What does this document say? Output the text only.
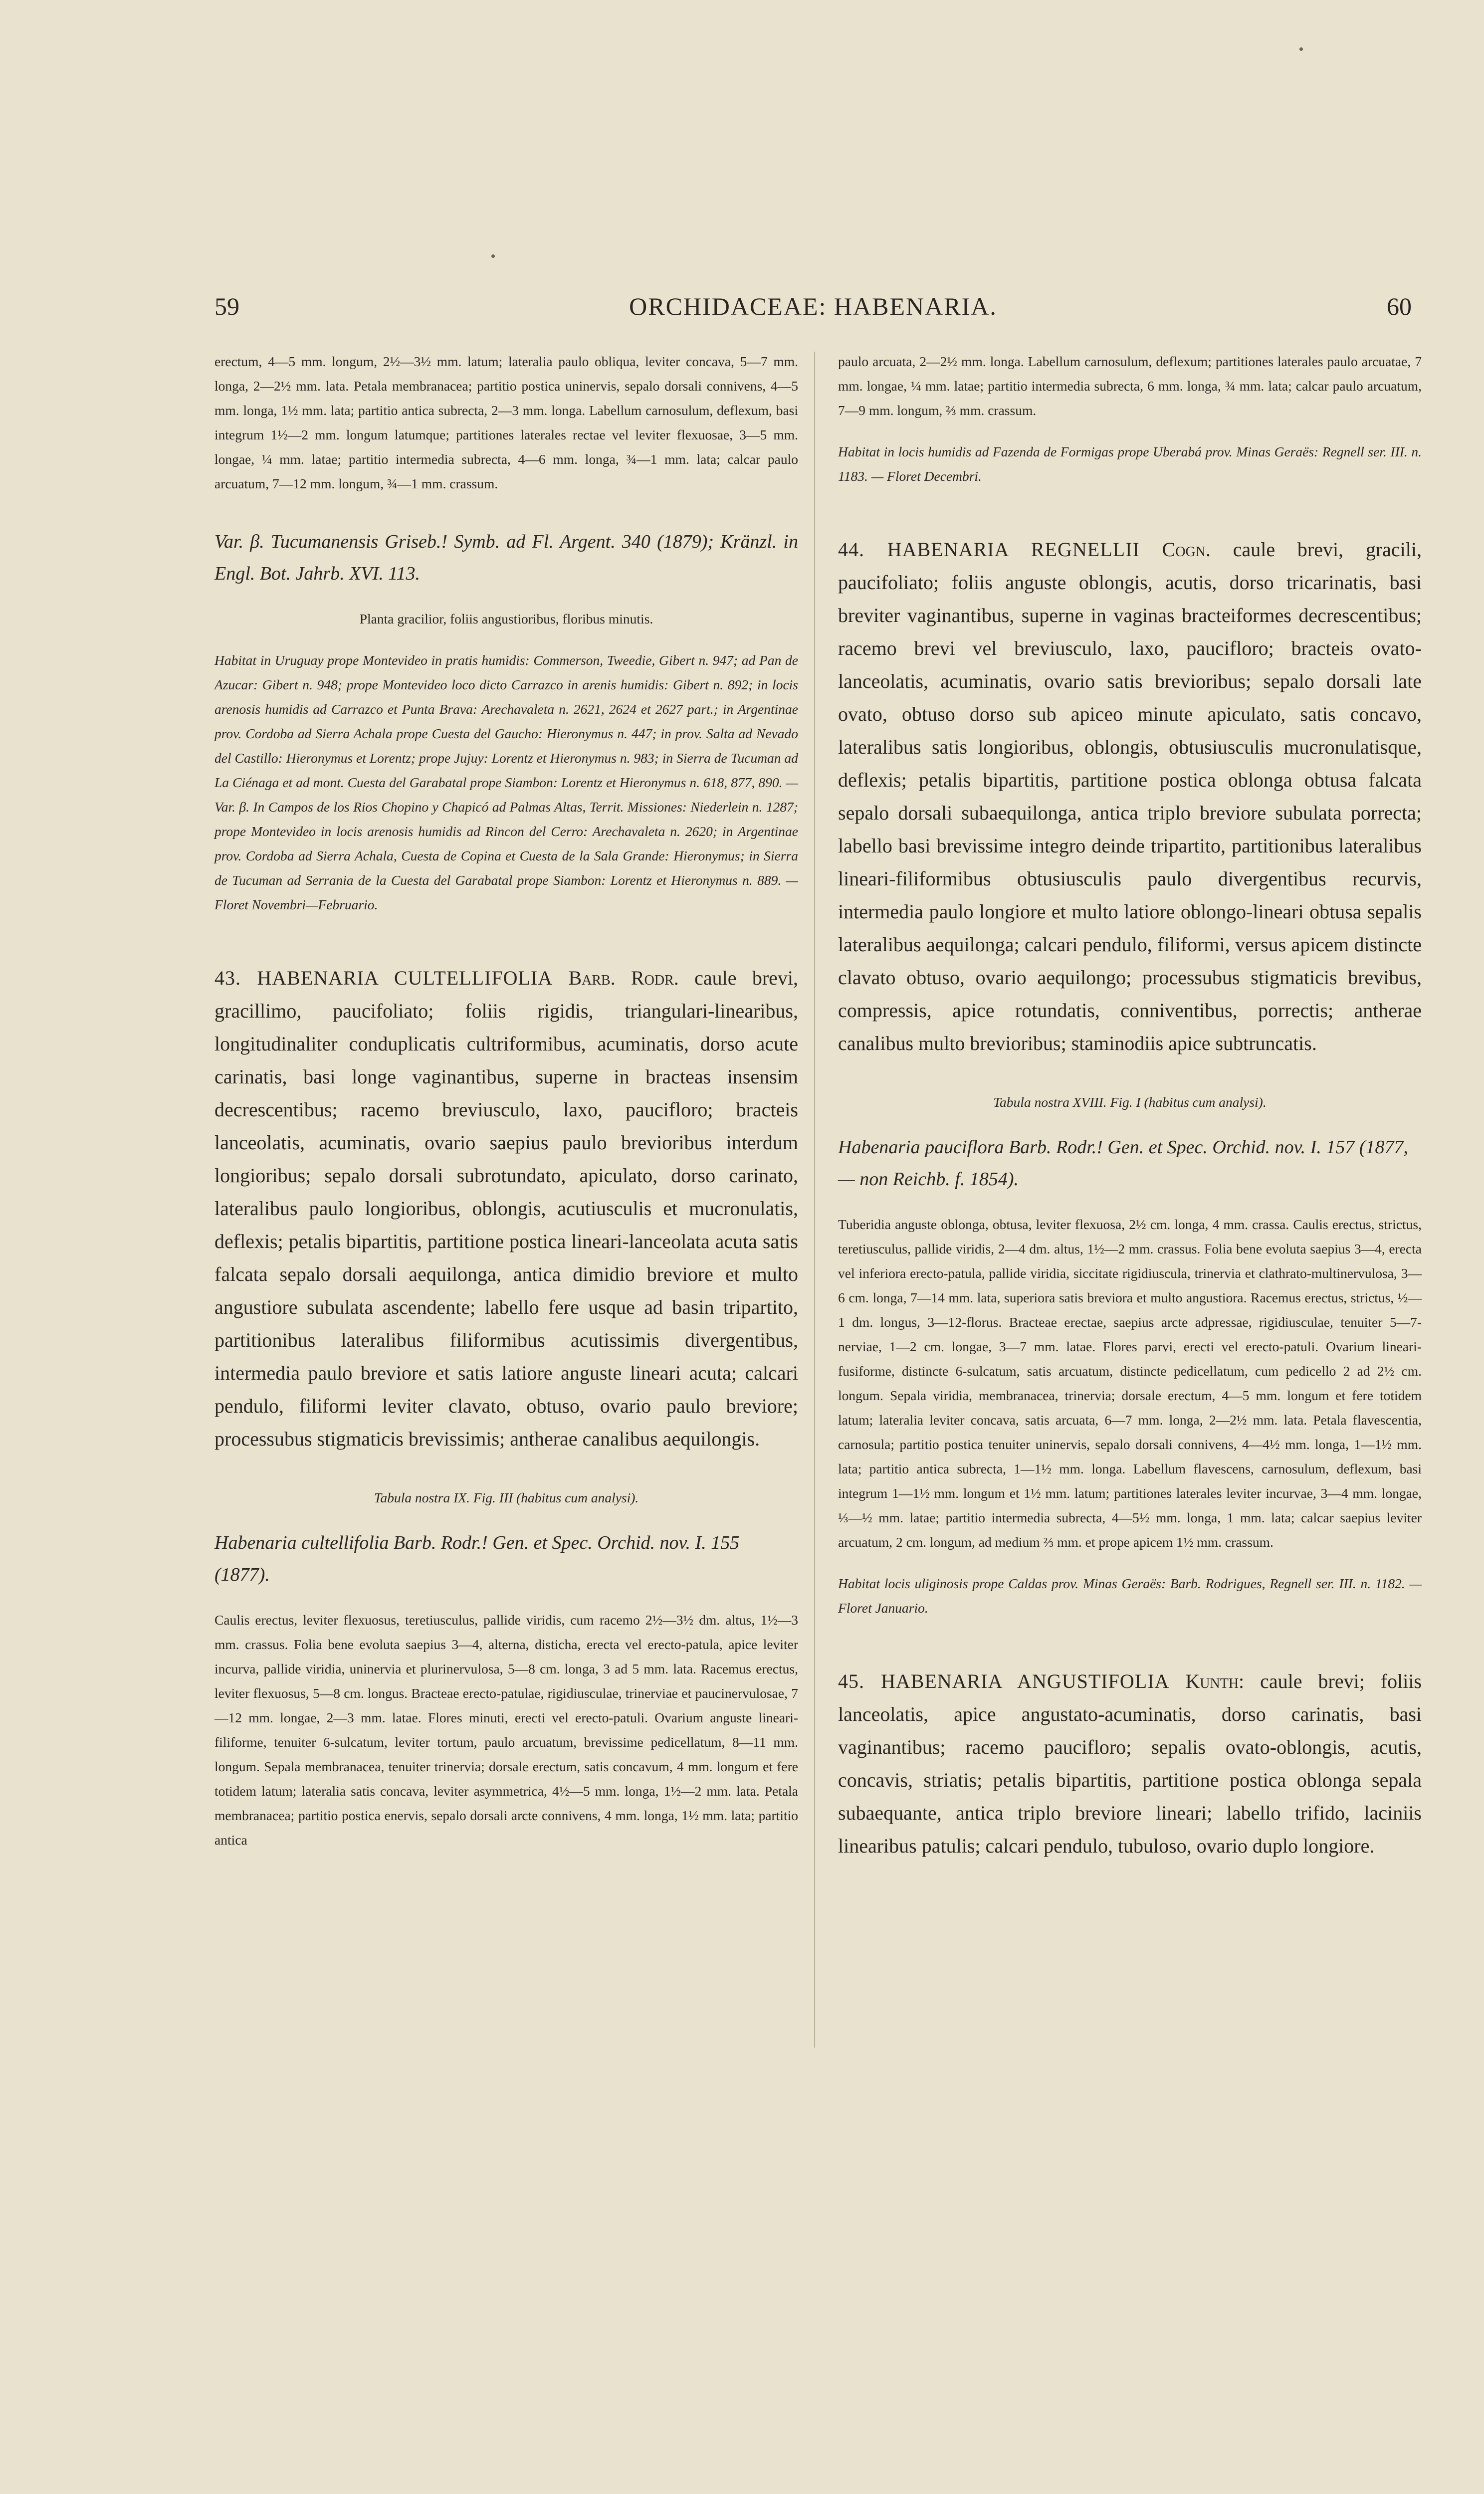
59	ORCHIDACEAE: HABENARIA.	60

erectum, 4—5 mm. longum, 2½—3½ mm. latum; lateralia paulo obliqua, leviter concava, 5—7 mm. longa, 2—2½ mm. lata. Petala membranacea; partitio postica uninervis, sepalo dorsali connivens, 4—5 mm. longa, 1½ mm. lata; partitio antica subrecta, 2—3 mm. longa. Labellum carnosulum, deflexum, basi integrum 1½—2 mm. longum latumque; partitiones laterales rectae vel leviter flexuosae, 3—5 mm. longae, ¼ mm. latae; partitio intermedia subrecta, 4—6 mm. longa, ¾—1 mm. lata; calcar paulo arcuatum, 7—12 mm. longum, ¾—1 mm. crassum.

Var. β. Tucumanensis Griseb.! Symb. ad Fl. Argent. 340 (1879); Kränzl. in Engl. Bot. Jahrb. XVI. 113.

Planta gracilior, foliis angustioribus, floribus minutis.

Habitat in Uruguay prope Montevideo in pratis humidis: Commerson, Tweedie, Gibert n. 947; ad Pan de Azucar: Gibert n. 948; prope Montevideo loco dicto Carrazco in arenis humidis: Gibert n. 892; in locis arenosis humidis ad Carrazco et Punta Brava: Arechavaleta n. 2621, 2624 et 2627 part.; in Argentinae prov. Cordoba ad Sierra Achala prope Cuesta del Gaucho: Hieronymus n. 447; in prov. Salta ad Nevado del Castillo: Hieronymus et Lorentz; prope Jujuy: Lorentz et Hieronymus n. 983; in Sierra de Tucuman ad La Ciénaga et ad mont. Cuesta del Garabatal prope Siambon: Lorentz et Hieronymus n. 618, 877, 890. — Var. β. In Campos de los Rios Chopino y Chapicó ad Palmas Altas, Territ. Missiones: Niederlein n. 1287; prope Montevideo in locis arenosis humidis ad Rincon del Cerro: Arechavaleta n. 2620; in Argentinae prov. Cordoba ad Sierra Achala, Cuesta de Copina et Cuesta de la Sala Grande: Hieronymus; in Sierra de Tucuman ad Serrania de la Cuesta del Garabatal prope Siambon: Lorentz et Hieronymus n. 889. — Floret Novembri—Februario.

43. HABENARIA CULTELLIFOLIA Barb. Rodr. caule brevi, gracillimo, paucifoliato; foliis rigidis, triangulari-linearibus, longitudinaliter conduplicatis cultriformibus, acuminatis, dorso acute carinatis, basi longe vaginantibus, superne in bracteas insensim decrescentibus; racemo breviusculo, laxo, paucifloro; bracteis lanceolatis, acuminatis, ovario saepius paulo brevioribus interdum longioribus; sepalo dorsali subrotundato, apiculato, dorso carinato, lateralibus paulo longioribus, oblongis, acutiusculis et mucronulatis, deflexis; petalis bipartitis, partitione postica lineari-lanceolata acuta satis falcata sepalo dorsali aequilonga, antica dimidio breviore et multo angustiore subulata ascendente; labello fere usque ad basin tripartito, partitionibus lateralibus filiformibus acutissimis divergentibus, intermedia paulo breviore et satis latiore anguste lineari acuta; calcari pendulo, filiformi leviter clavato, obtuso, ovario paulo breviore; processubus stigmaticis brevissimis; antherae canalibus aequilongis.

Tabula nostra IX. Fig. III (habitus cum analysi).

Habenaria cultellifolia Barb. Rodr.! Gen. et Spec. Orchid. nov. I. 155 (1877).

Caulis erectus, leviter flexuosus, teretiusculus, pallide viridis, cum racemo 2½—3½ dm. altus, 1½—3 mm. crassus. Folia bene evoluta saepius 3—4, alterna, disticha, erecta vel erecto-patula, apice leviter incurva, pallide viridia, uninervia et plurinervulosa, 5—8 cm. longa, 3 ad 5 mm. lata. Racemus erectus, leviter flexuosus, 5—8 cm. longus. Bracteae erecto-patulae, rigidiusculae, trinerviae et paucinervulosae, 7—12 mm. longae, 2—3 mm. latae. Flores minuti, erecti vel erecto-patuli. Ovarium anguste lineari-filiforme, tenuiter 6-sulcatum, leviter tortum, paulo arcuatum, brevissime pedicellatum, 8—11 mm. longum. Sepala membranacea, tenuiter trinervia; dorsale erectum, satis concavum, 4 mm. longum et fere totidem latum; lateralia satis concava, leviter asymmetrica, 4½—5 mm. longa, 1½—2 mm. lata. Petala membranacea; partitio postica enervis, sepalo dorsali arcte connivens, 4 mm. longa, 1½ mm. lata; partitio antica

paulo arcuata, 2—2½ mm. longa. Labellum carnosulum, deflexum; partitiones laterales paulo arcuatae, 7 mm. longae, ¼ mm. latae; partitio intermedia subrecta, 6 mm. longa, ¾ mm. lata; calcar paulo arcuatum, 7—9 mm. longum, ⅔ mm. crassum.

Habitat in locis humidis ad Fazenda de Formigas prope Uberabá prov. Minas Geraës: Regnell ser. III. n. 1183. — Floret Decembri.

44. HABENARIA REGNELLII Cogn. caule brevi, gracili, paucifoliato; foliis anguste oblongis, acutis, dorso tricarinatis, basi breviter vaginantibus, superne in vaginas bracteiformes decrescentibus; racemo brevi vel breviusculo, laxo, paucifloro; bracteis ovato-lanceolatis, acuminatis, ovario satis brevioribus; sepalo dorsali late ovato, obtuso dorso sub apiceo minute apiculato, satis concavo, lateralibus satis longioribus, oblongis, obtusiusculis mucronulatisque, deflexis; petalis bipartitis, partitione postica oblonga obtusa falcata sepalo dorsali subaequilonga, antica triplo breviore subulata porrecta; labello basi brevissime integro deinde tripartito, partitionibus lateralibus lineari-filiformibus obtusiusculis paulo divergentibus recurvis, intermedia paulo longiore et multo latiore oblongo-lineari obtusa sepalis lateralibus aequilonga; calcari pendulo, filiformi, versus apicem distincte clavato obtuso, ovario aequilongo; processubus stigmaticis brevibus, compressis, apice rotundatis, conniventibus, porrectis; antherae canalibus multo brevioribus; staminodiis apice subtruncatis.

Tabula nostra XVIII. Fig. I (habitus cum analysi).

Habenaria pauciflora Barb. Rodr.! Gen. et Spec. Orchid. nov. I. 157 (1877, — non Reichb. f. 1854).

Tuberidia anguste oblonga, obtusa, leviter flexuosa, 2½ cm. longa, 4 mm. crassa. Caulis erectus, strictus, teretiusculus, pallide viridis, 2—4 dm. altus, 1½—2 mm. crassus. Folia bene evoluta saepius 3—4, erecta vel inferiora erecto-patula, pallide viridia, siccitate rigidiuscula, trinervia et clathrato-multinervulosa, 3—6 cm. longa, 7—14 mm. lata, superiora satis breviora et multo angustiora. Racemus erectus, strictus, ½—1 dm. longus, 3—12-florus. Bracteae erectae, saepius arcte adpressae, rigidiusculae, tenuiter 5—7-nerviae, 1—2 cm. longae, 3—7 mm. latae. Flores parvi, erecti vel erecto-patuli. Ovarium lineari-fusiforme, distincte 6-sulcatum, satis arcuatum, distincte pedicellatum, cum pedicello 2 ad 2½ cm. longum. Sepala viridia, membranacea, trinervia; dorsale erectum, 4—5 mm. longum et fere totidem latum; lateralia leviter concava, satis arcuata, 6—7 mm. longa, 2—2½ mm. lata. Petala flavescentia, carnosula; partitio postica tenuiter uninervis, sepalo dorsali connivens, 4—4½ mm. longa, 1—1½ mm. lata; partitio antica subrecta, 1—1½ mm. longa. Labellum flavescens, carnosulum, deflexum, basi integrum 1—1½ mm. longum et 1½ mm. latum; partitiones laterales leviter incurvae, 3—4 mm. longae, ⅓—½ mm. latae; partitio intermedia subrecta, 4—5½ mm. longa, 1 mm. lata; calcar saepius leviter arcuatum, 2 cm. longum, ad medium ⅔ mm. et prope apicem 1½ mm. crassum.

Habitat locis uliginosis prope Caldas prov. Minas Geraës: Barb. Rodrigues, Regnell ser. III. n. 1182. — Floret Januario.

45. HABENARIA ANGUSTIFOLIA Kunth: caule brevi; foliis lanceolatis, apice angustato-acuminatis, dorso carinatis, basi vaginantibus; racemo paucifloro; sepalis ovato-oblongis, acutis, concavis, striatis; petalis bipartitis, partitione postica oblonga sepala subaequante, antica triplo breviore lineari; labello trifido, laciniis linearibus patulis; calcari pendulo, tubuloso, ovario duplo longiore.
